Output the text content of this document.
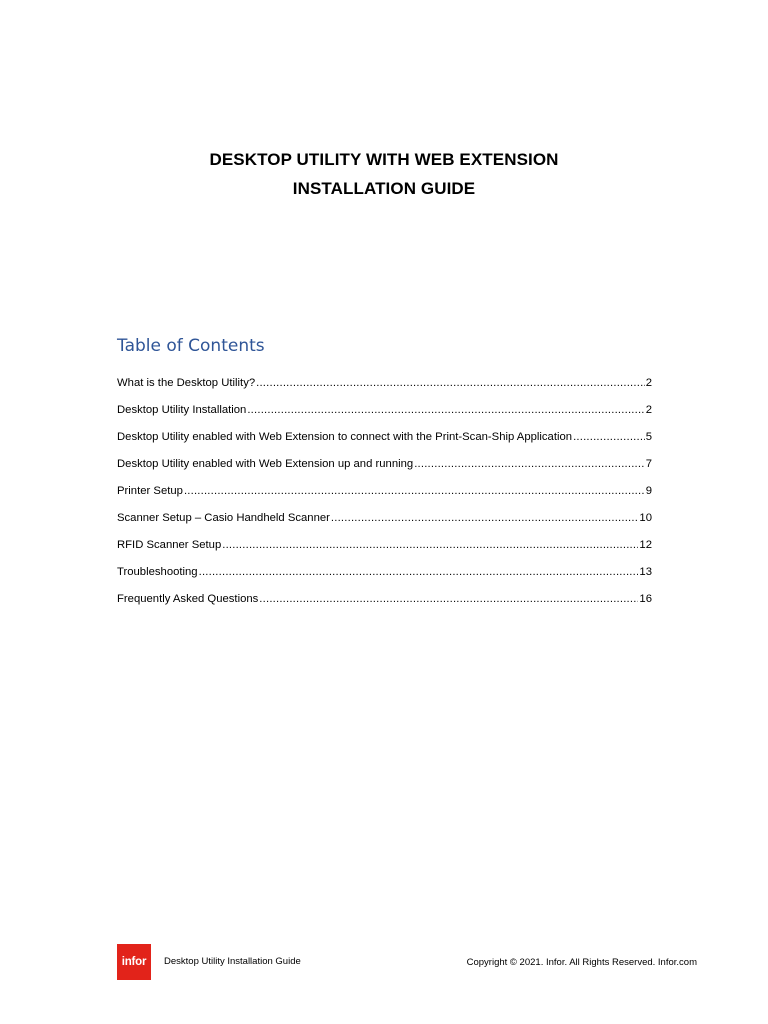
DESKTOP UTILITY WITH WEB EXTENSION
INSTALLATION GUIDE
Table of Contents
What is the Desktop Utility? .....	2
Desktop Utility Installation .....	2
Desktop Utility enabled with Web Extension to connect with the Print-Scan-Ship Application .....	5
Desktop Utility enabled with Web Extension up and running .....	7
Printer Setup .....	9
Scanner Setup – Casio Handheld Scanner .....	10
RFID Scanner Setup .....	12
Troubleshooting .....	13
Frequently Asked Questions .....	16
infor Desktop Utility Installation Guide	Copyright © 2021. Infor. All Rights Reserved. Infor.com
